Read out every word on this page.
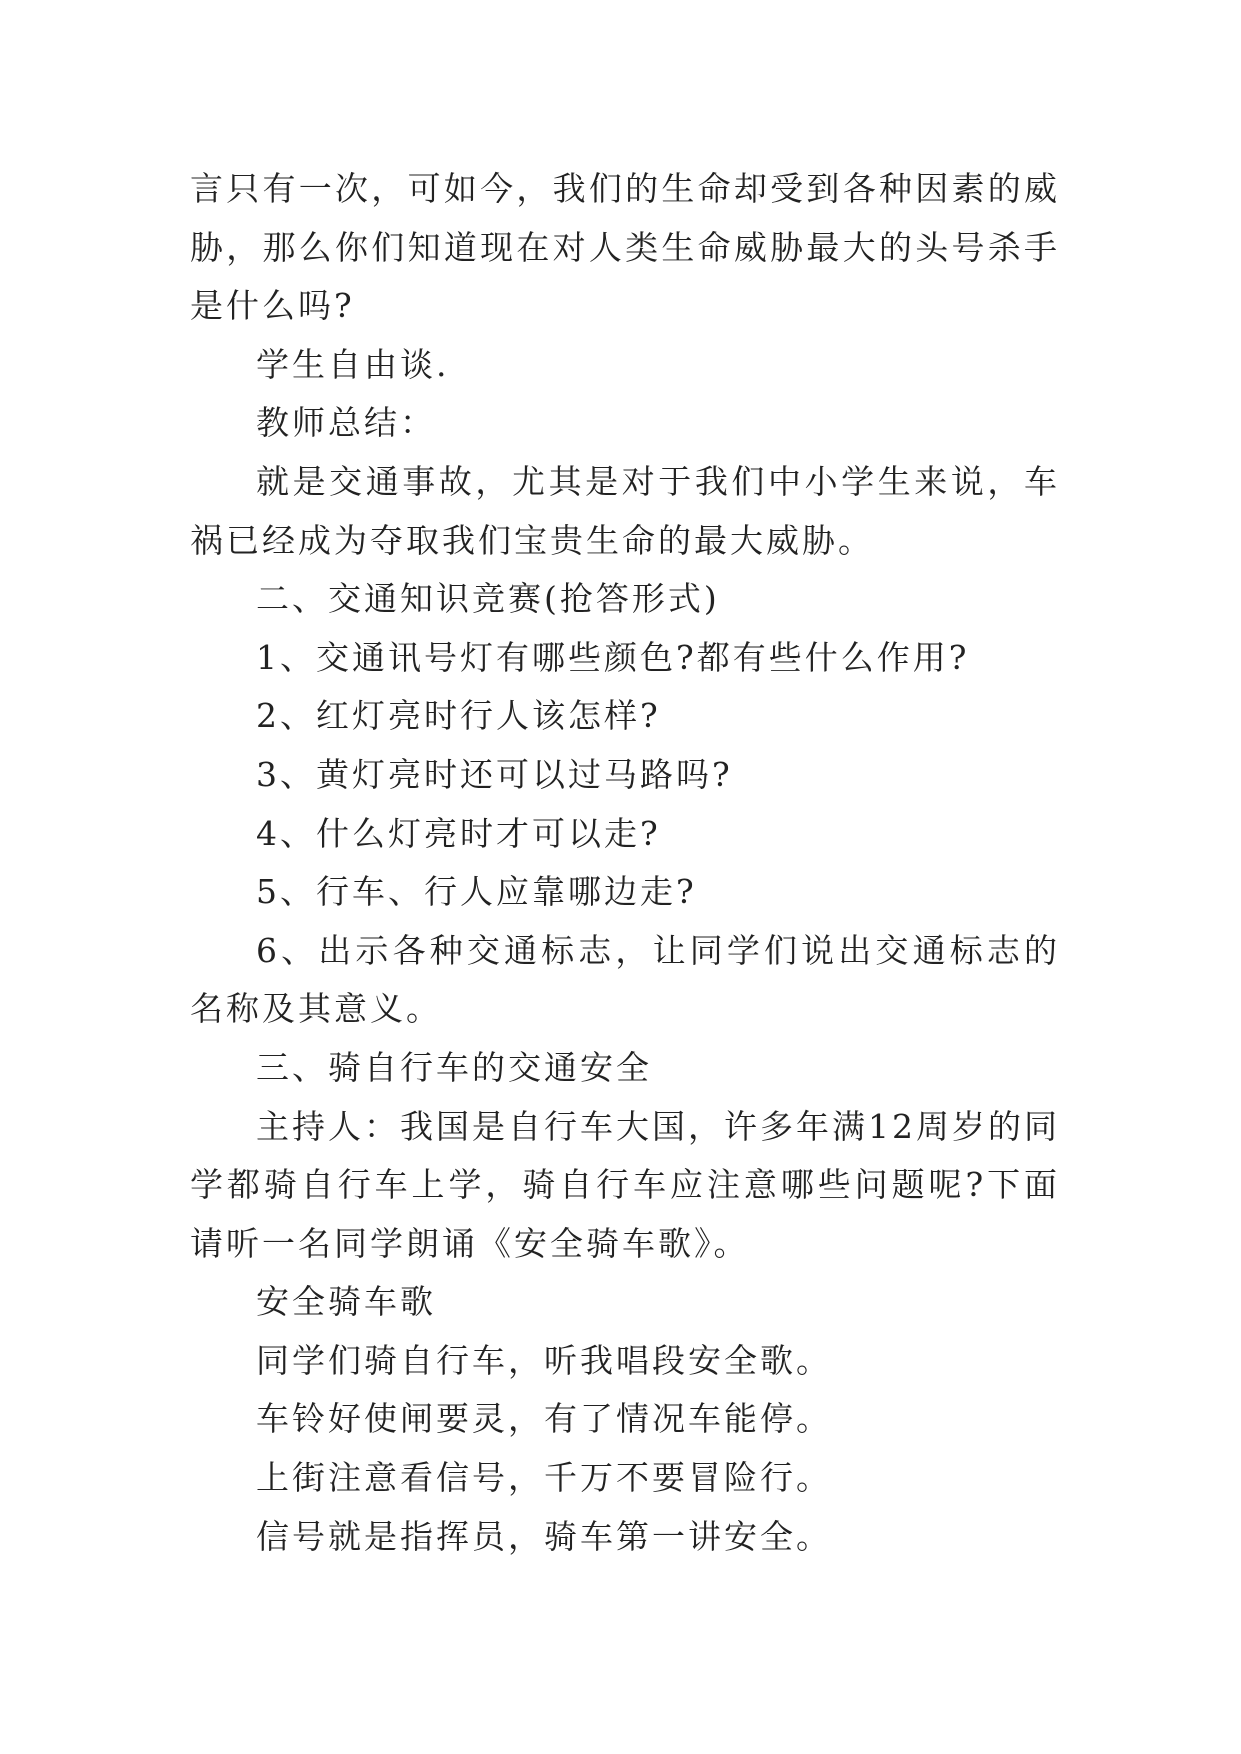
言只有一次，可如今，我们的生命却受到各种因素的威胁，那么你们知道现在对人类生命威胁最大的头号杀手是什么吗?

学生自由谈.

教师总结：

就是交通事故，尤其是对于我们中小学生来说，车祸已经成为夺取我们宝贵生命的最大威胁。

二、交通知识竞赛(抢答形式)

1、交通讯号灯有哪些颜色?都有些什么作用?

2、红灯亮时行人该怎样?

3、黄灯亮时还可以过马路吗?

4、什么灯亮时才可以走?

5、行车、行人应靠哪边走?

6、出示各种交通标志，让同学们说出交通标志的名称及其意义。

三、骑自行车的交通安全

主持人：我国是自行车大国，许多年满12周岁的同学都骑自行车上学，骑自行车应注意哪些问题呢?下面请听一名同学朗诵《安全骑车歌》。

安全骑车歌

同学们骑自行车，听我唱段安全歌。

车铃好使闸要灵，有了情况车能停。

上街注意看信号，千万不要冒险行。

信号就是指挥员，骑车第一讲安全。
